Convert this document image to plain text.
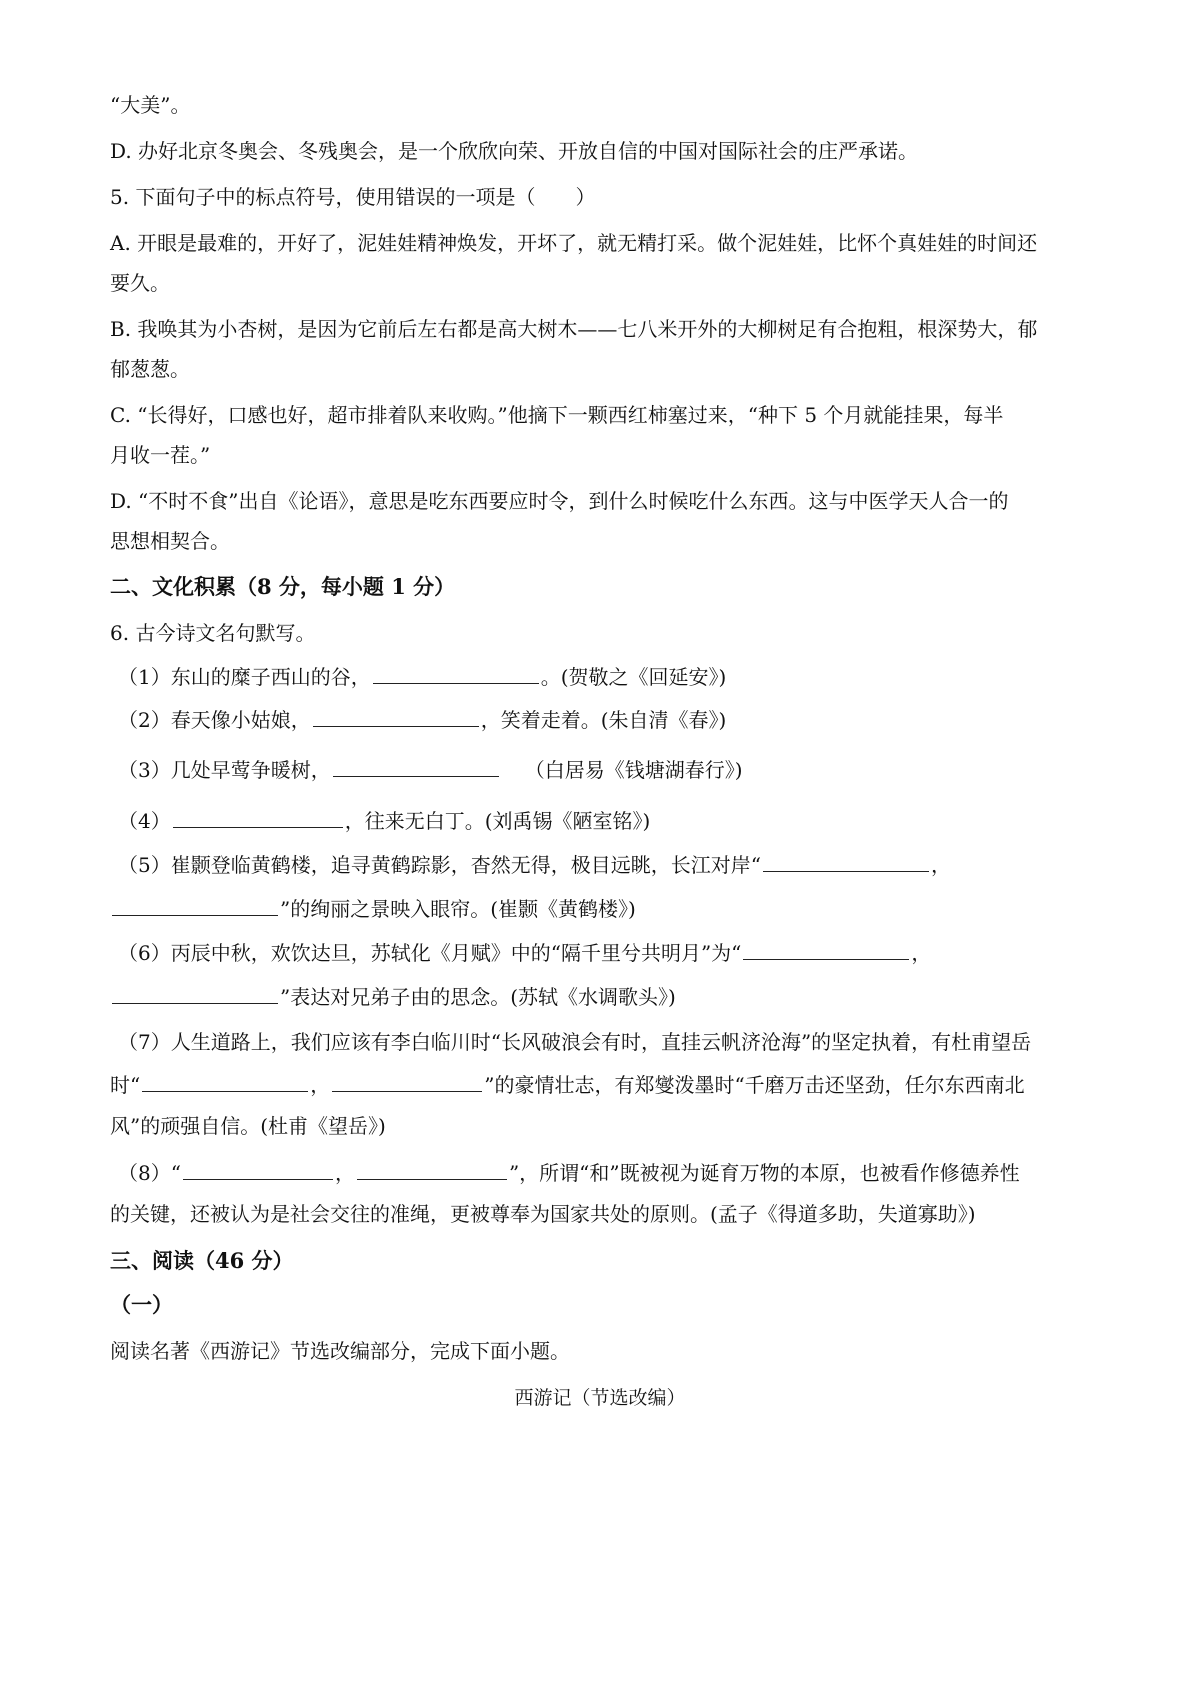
“大美”。
D. 办好北京冬奥会、冬残奥会，是一个欣欣向荣、开放自信的中国对国际社会的庄严承诺。
5. 下面句子中的标点符号，使用错误的一项是（　　）
A. 开眼是最难的，开好了，泥娃娃精神焕发，开坏了，就无精打采。做个泥娃娃，比怀个真娃娃的时间还
要久。
B. 我唤其为小杏树，是因为它前后左右都是高大树木——七八米开外的大柳树足有合抱粗，根深势大，郁
郁葱葱。
C. “长得好，口感也好，超市排着队来收购。”他摘下一颗西红柿塞过来，“种下 5 个月就能挂果，每半
月收一茬。”
D. “不时不食”出自《论语》，意思是吃东西要应时令，到什么时候吃什么东西。这与中医学天人合一的
思想相契合。
二、文化积累（8 分，每小题 1 分）
6. 古今诗文名句默写。
（1）东山的糜子西山的谷，	。(贺敬之《回延安》)
（2）春天像小姑娘，	，笑着走着。(朱自清《春》)
（3）几处早莺争暖树，	（白居易《钱塘湖春行》)
（4）	，往来无白丁。(刘禹锡《陋室铭》)
（5）崔颢登临黄鹤楼，追寻黄鹤踪影，杳然无得，极目远眺，长江对岸“	，
”的绚丽之景映入眼帘。(崔颢《黄鹤楼》)
（6）丙辰中秋，欢饮达旦，苏轼化《月赋》中的“隔千里兮共明月”为“	，
”表达对兄弟子由的思念。(苏轼《水调歌头》)
（7）人生道路上，我们应该有李白临川时“长风破浪会有时，直挂云帆济沧海”的坚定执着，有杜甫望岳
时“	，	”的豪情壮志，有郑燮泼墨时“千磨万击还坚劲，任尔东西南北
风”的顽强自信。(杜甫《望岳》)
（8）“	，	”，所谓“和”既被视为诞育万物的本原，也被看作修德养性
的关键，还被认为是社会交往的准绳，更被尊奉为国家共处的原则。(孟子《得道多助，失道寡助》)
三、阅读（46 分）
（一）
阅读名著《西游记》节选改编部分，完成下面小题。
西游记（节选改编）
